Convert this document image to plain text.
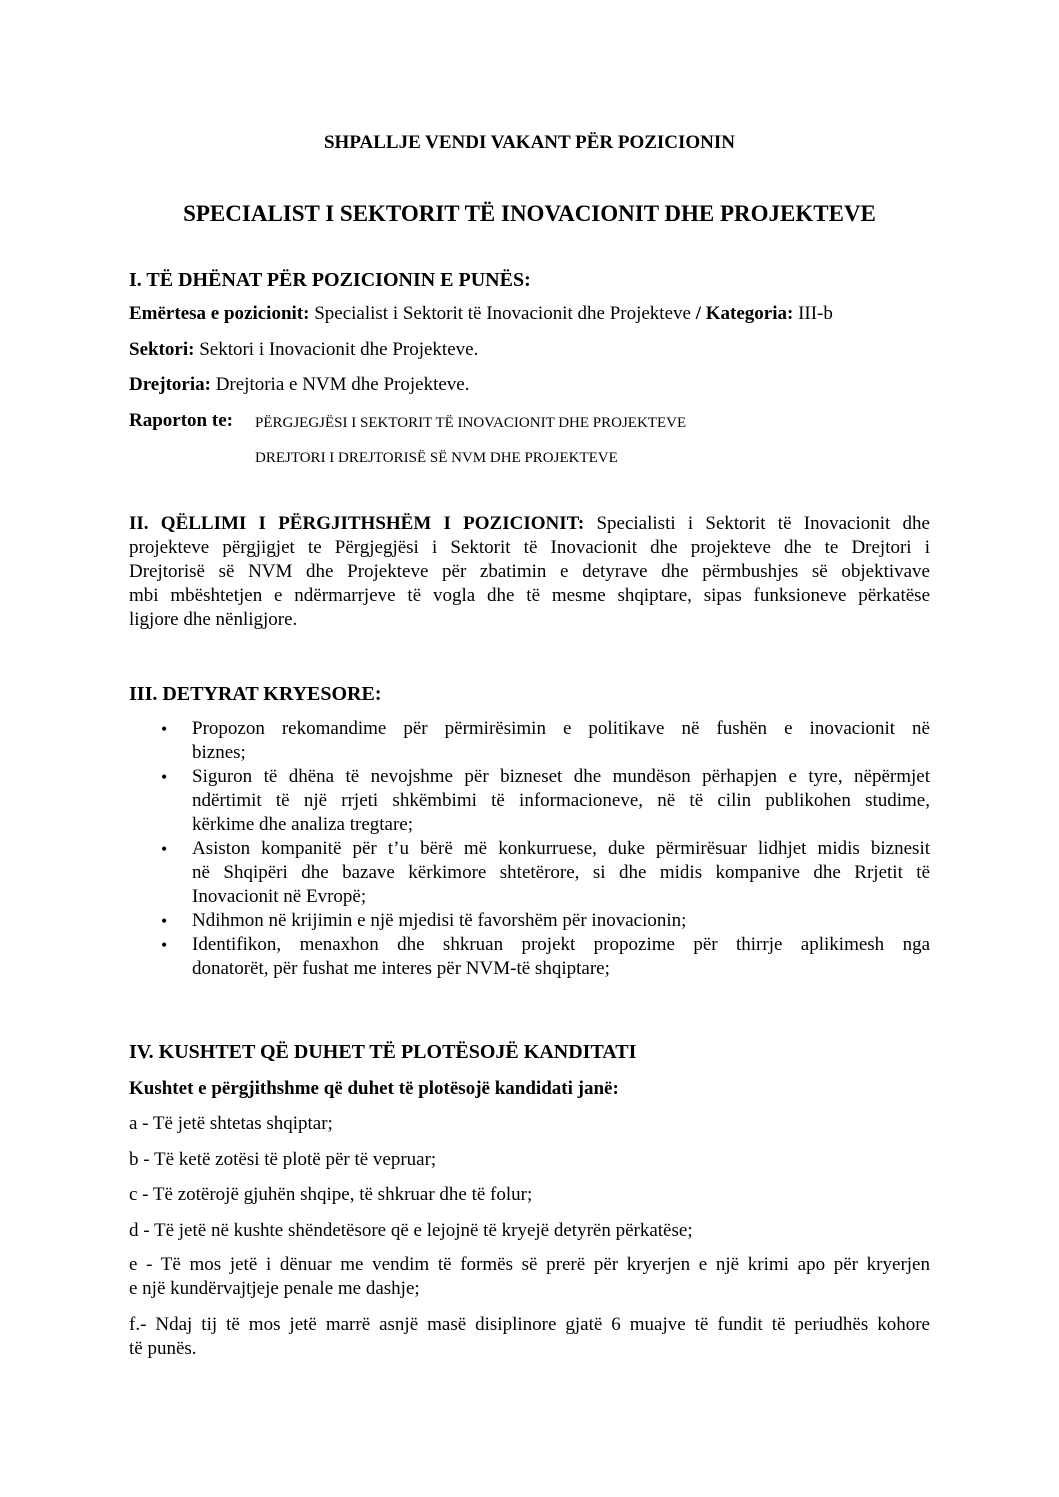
SHPALLJE VENDI VAKANT PËR POZICIONIN
SPECIALIST I SEKTORIT TË INOVACIONIT DHE PROJEKTEVE
I. TË DHËNAT PËR POZICIONIN E PUNËS:
Emërtesa e pozicionit: Specialist i Sektorit të Inovacionit dhe Projekteve / Kategoria: III-b
Sektori: Sektori i Inovacionit dhe Projekteve.
Drejtoria: Drejtoria e NVM dhe Projekteve.
Raporton te: PËRGJEGJËSI I SEKTORIT TË INOVACIONIT DHE PROJEKTEVE
DREJTORI I DREJTORISË SË NVM DHE PROJEKTEVE
II. QËLLIMI I PËRGJITHSHËM I POZICIONIT: Specialisti i Sektorit të Inovacionit dhe
projekteve përgjigjet te Përgjegjësi i Sektorit të Inovacionit dhe projekteve dhe te Drejtori i
Drejtorisë së NVM dhe Projekteve për zbatimin e detyrave dhe përmbushjes së objektivave
mbi mbështetjen e ndërmarrjeve të vogla dhe të mesme shqiptare, sipas funksioneve përkatëse
ligjore dhe nënligjore.
III. DETYRAT KRYESORE:
• Propozon rekomandime për përmirësimin e politikave në fushën e inovacionit në
biznes;
• Siguron të dhëna të nevojshme për bizneset dhe mundëson përhapjen e tyre, nëpërmjet
ndërtimit të një rrjeti shkëmbimi të informacioneve, në të cilin publikohen studime,
kërkime dhe analiza tregtare;
• Asiston kompanitë për t’u bërë më konkurruese, duke përmirësuar lidhjet midis biznesit
në Shqipëri dhe bazave kërkimore shtetërore, si dhe midis kompanive dhe Rrjetit të
Inovacionit në Evropë;
• Ndihmon në krijimin e një mjedisi të favorshëm për inovacionin;
• Identifikon, menaxhon dhe shkruan projekt propozime për thirrje aplikimesh nga
donatorët, për fushat me interes për NVM-të shqiptare;
IV. KUSHTET QË DUHET TË PLOTËSOJË KANDITATI
Kushtet e përgjithshme që duhet të plotësojë kandidati janë:
a - Të jetë shtetas shqiptar;
b - Të ketë zotësi të plotë për të vepruar;
c - Të zotërojë gjuhën shqipe, të shkruar dhe të folur;
d - Të jetë në kushte shëndetësore që e lejojnë të kryejë detyrën përkatëse;
e - Të mos jetë i dënuar me vendim të formës së prerë për kryerjen e një krimi apo për kryerjen
e një kundërvajtjeje penale me dashje;
f.- Ndaj tij të mos jetë marrë asnjë masë disiplinore gjatë 6 muajve të fundit të periudhës kohore
të punës.
